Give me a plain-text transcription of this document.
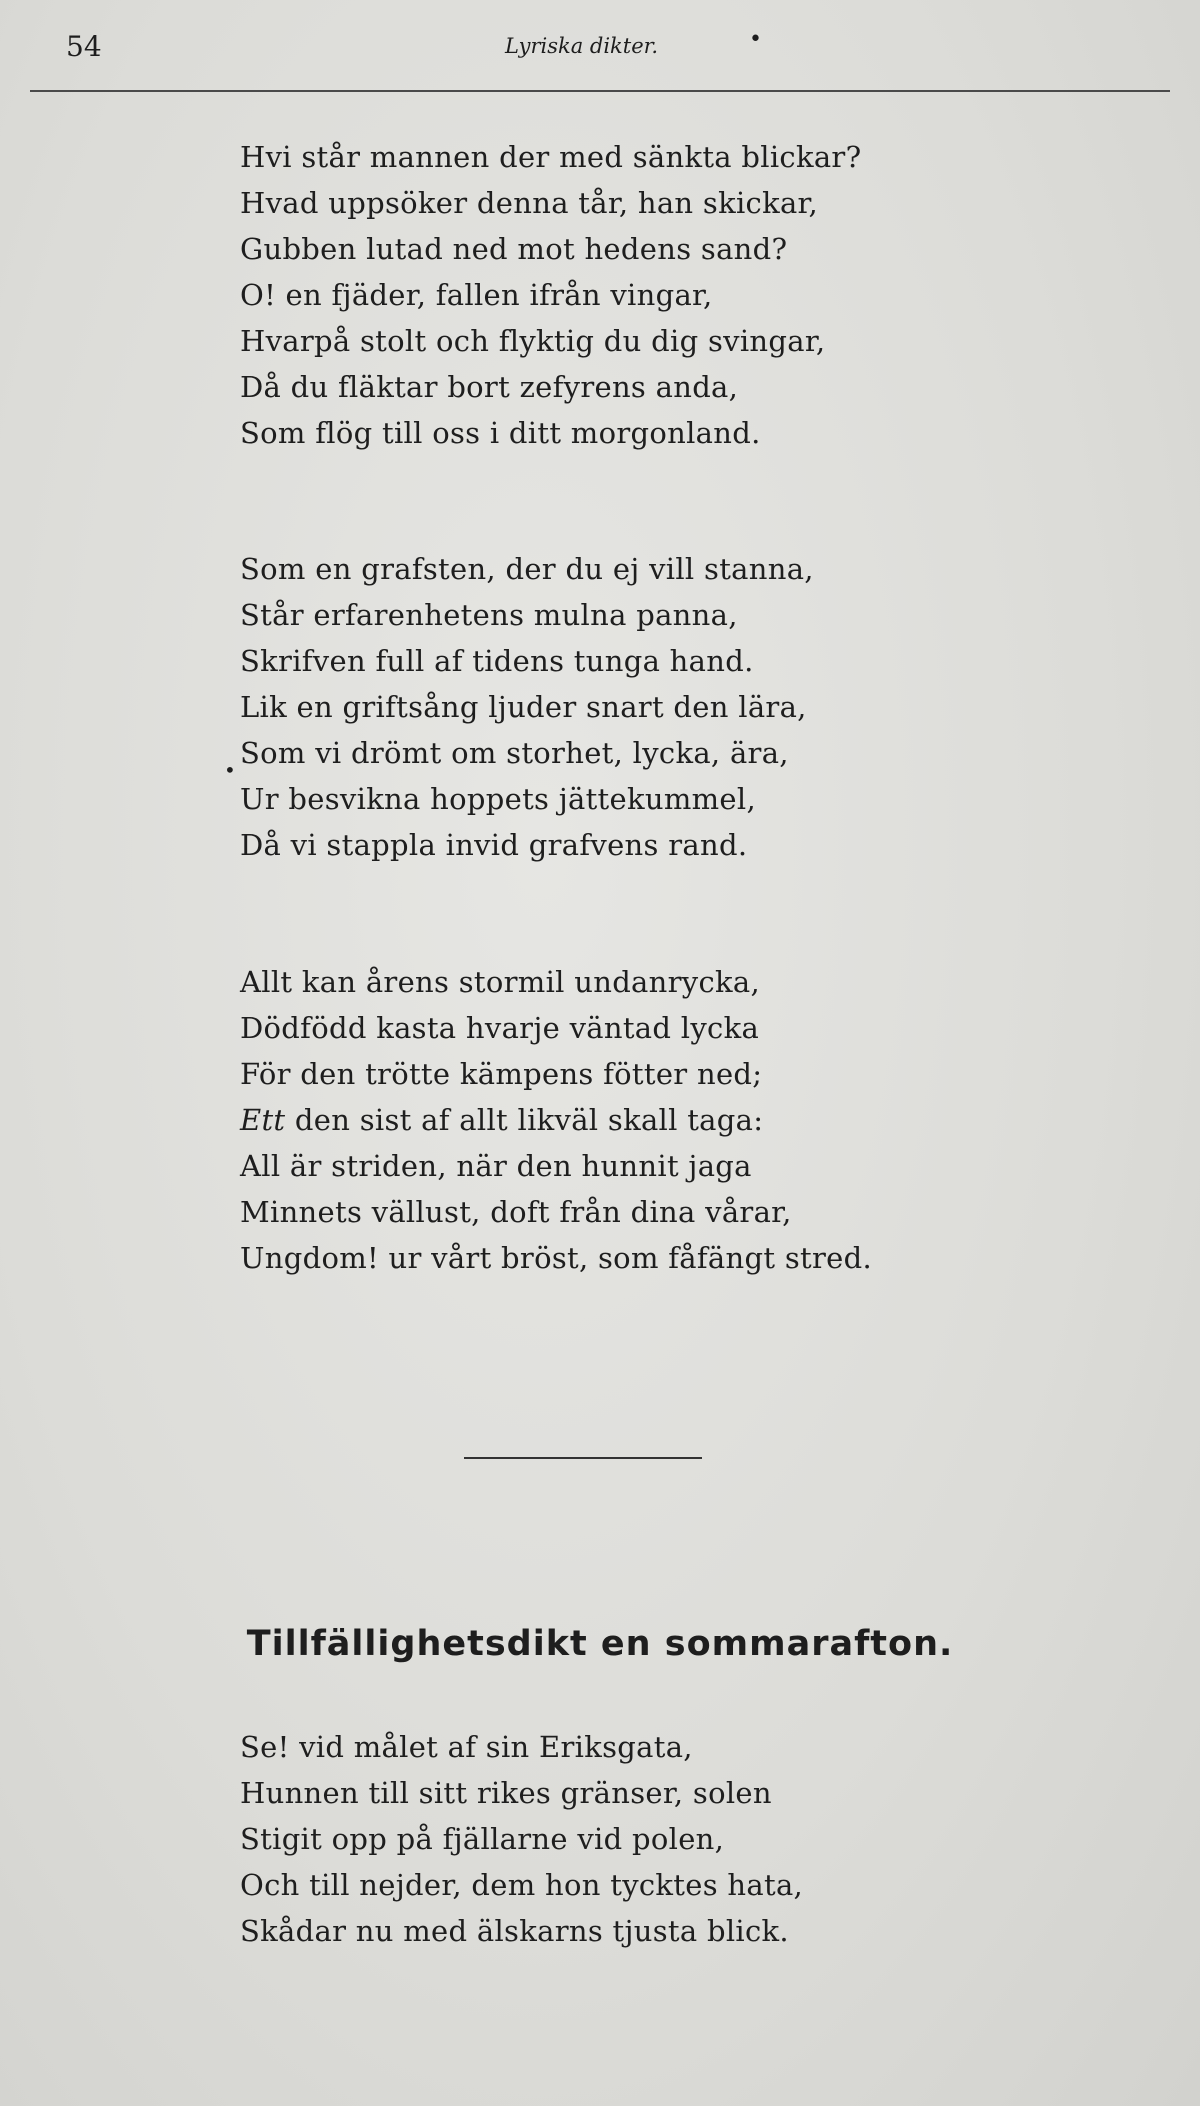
54	Lyriska dikter.	•
Hvi står mannen der med sänkta blickar?
Hvad uppsöker denna tår, han skickar,
Gubben lutad ned mot hedens sand?
O! en fjäder, fallen ifrån vingar,
Hvarpå stolt och flyktig du dig svingar,
Då du fläktar bort zefyrens anda,
Som flög till oss i ditt morgonland.
•
Som en grafsten, der du ej vill stanna,
Står erfarenhetens mulna panna,
Skrifven full af tidens tunga hand.
Lik en griftsång ljuder snart den lära,
Som vi drömt om storhet, lycka, ära,
Ur besvikna hoppets jättekummel,
Då vi stappla invid grafvens rand.
Allt kan årens stormil undanrycka,
Dödfödd kasta hvarje väntad lycka
För den trötte kämpens fötter ned;
Ett den sist af allt likväl skall taga:
All är striden, när den hunnit jaga
Minnets vällust, doft från dina vårar,
Ungdom! ur vårt bröst, som fåfängt stred.
Tillfällighetsdikt en sommarafton.
Se! vid målet af sin Eriksgata,
Hunnen till sitt rikes gränser, solen
Stigit opp på fjällarne vid polen,
Och till nejder, dem hon tycktes hata,
Skådar nu med älskarns tjusta blick.
